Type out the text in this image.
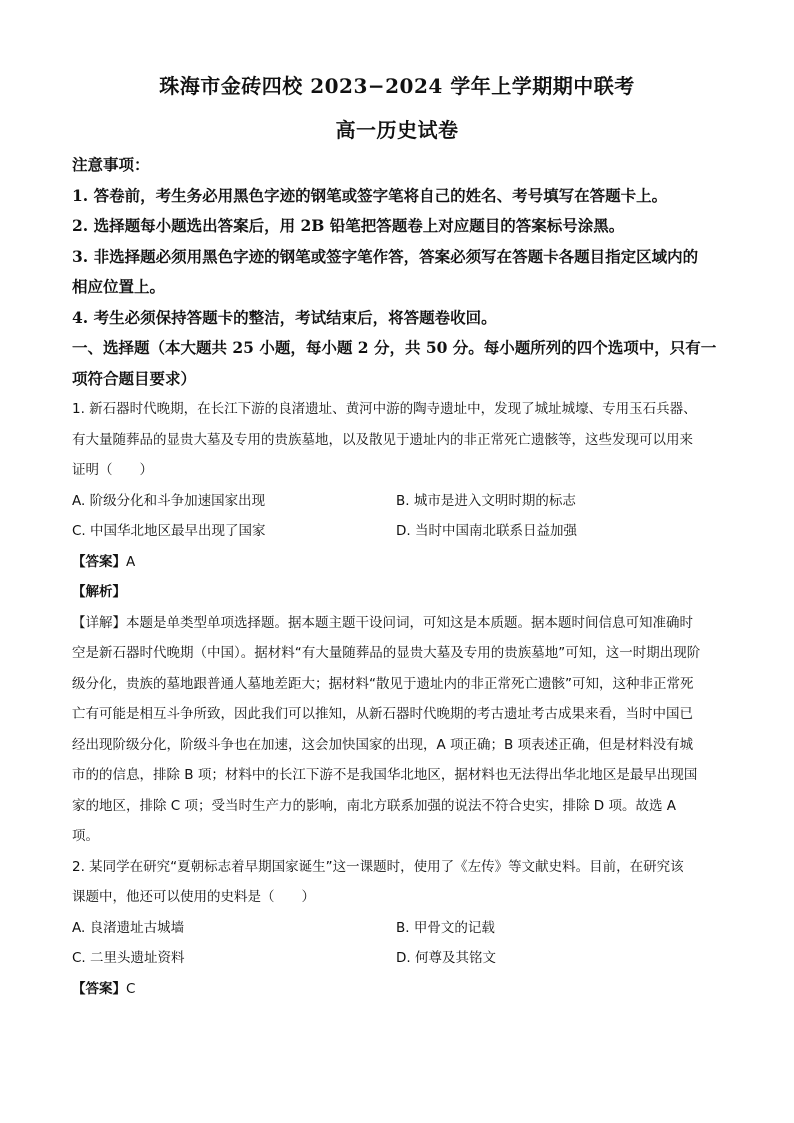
珠海市金砖四校 2023−2024 学年上学期期中联考
高一历史试卷

注意事项：

1. 答卷前，考生务必用黑色字迹的钢笔或签字笔将自己的姓名、考号填写在答题卡上。

2. 选择题每小题选出答案后，用 2B 铅笔把答题卷上对应题目的答案标号涂黑。

3. 非选择题必须用黑色字迹的钢笔或签字笔作答，答案必须写在答题卡各题目指定区域内的

相应位置上。

4. 考生必须保持答题卡的整洁，考试结束后，将答题卷收回。

一、选择题（本大题共 25 小题，每小题 2 分，共 50 分。每小题所列的四个选项中，只有一

项符合题目要求）

1. 新石器时代晚期，在长江下游的良渚遗址、黄河中游的陶寺遗址中，发现了城址城壕、专用玉石兵器、

有大量随葬品的显贵大墓及专用的贵族墓地，以及散见于遗址内的非正常死亡遗骸等，这些发现可以用来

证明（　　）

A. 阶级分化和斗争加速国家出现	B. 城市是进入文明时期的标志
C. 中国华北地区最早出现了国家	D. 当时中国南北联系日益加强

【答案】A

【解析】

【详解】本题是单类型单项选择题。据本题主题干设问词，可知这是本质题。据本题时间信息可知准确时

空是新石器时代晚期（中国）。据材料“有大量随葬品的显贵大墓及专用的贵族墓地”可知，这一时期出现阶

级分化，贵族的墓地跟普通人墓地差距大；据材料“散见于遗址内的非正常死亡遗骸”可知，这种非正常死

亡有可能是相互斗争所致，因此我们可以推知，从新石器时代晚期的考古遗址考古成果来看，当时中国已

经出现阶级分化，阶级斗争也在加速，这会加快国家的出现，A 项正确；B 项表述正确，但是材料没有城

市的的信息，排除 B 项；材料中的长江下游不是我国华北地区，据材料也无法得出华北地区是最早出现国

家的地区，排除 C 项；受当时生产力的影响，南北方联系加强的说法不符合史实，排除 D 项。故选 A

项。

2. 某同学在研究“夏朝标志着早期国家诞生”这一课题时，使用了《左传》等文献史料。目前，在研究该

课题中，他还可以使用的史料是（　　）

A. 良渚遗址古城墙	B. 甲骨文的记载
C. 二里头遗址资料	D. 何尊及其铭文

【答案】C
